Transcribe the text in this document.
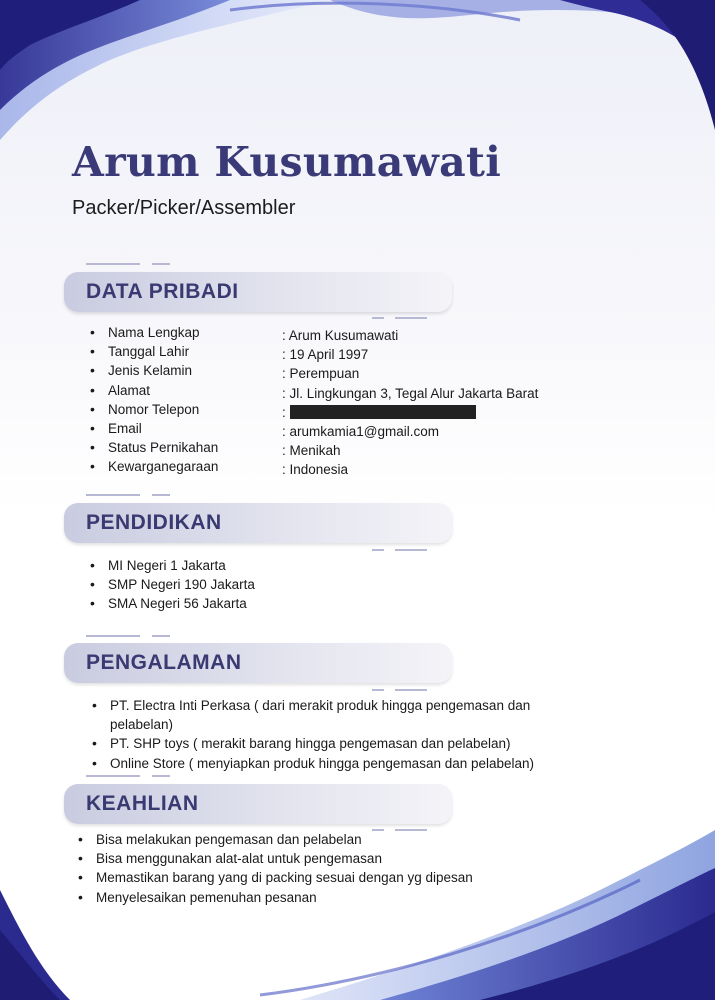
Arum Kusumawati
Packer/Picker/Assembler
DATA PRIBADI
• Nama Lengkap
• Tanggal Lahir
• Jenis Kelamin
• Alamat
• Nomor Telepon
• Email
• Status Pernikahan
• Kewarganegaraan
: Arum Kusumawati
: 19 April 1997
: Perempuan
: Jl. Lingkungan 3, Tegal Alur Jakarta Barat
:
: arumkamia1@gmail.com
: Menikah
: Indonesia
PENDIDIKAN
• MI Negeri 1 Jakarta
• SMP Negeri 190 Jakarta
• SMA Negeri 56 Jakarta
PENGALAMAN
• PT. Electra Inti Perkasa ( dari merakit produk hingga pengemasan dan pelabelan)
• PT. SHP toys ( merakit barang hingga pengemasan dan pelabelan)
• Online Store ( menyiapkan produk hingga pengemasan dan pelabelan)
KEAHLIAN
• Bisa melakukan pengemasan dan pelabelan
• Bisa menggunakan alat-alat untuk pengemasan
• Memastikan barang yang di packing sesuai dengan yg dipesan
• Menyelesaikan pemenuhan pesanan
